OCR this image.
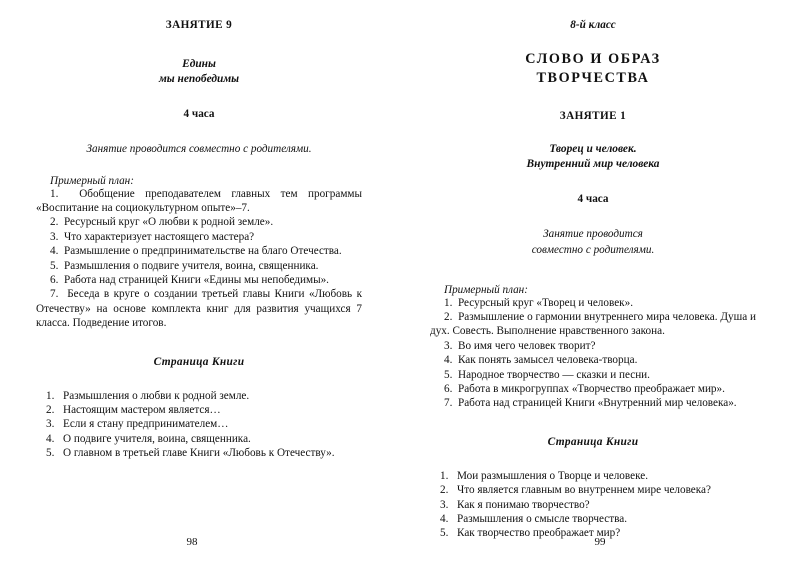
ЗАНЯТИЕ 9

Едины

мы непобедимы

4 часа

Занятие проводится совместно с родителями.

Примерный план:

1. Обобщение преподавателем главных тем программы «Воспитание на социокультурном опыте»–7.
2. Ресурсный круг «О любви к родной земле».
3. Что характеризует настоящего мастера?
4. Размышление о предпринимательстве на благо Отечества.
5. Размышления о подвиге учителя, воина, священника.
6. Работа над страницей Книги «Едины мы непобедимы».
7. Беседа в круге о создании третьей главы Книги «Любовь к Отечеству» на основе комплекта книг для развития учащихся 7 класса. Подведение итогов.

Страница Книги

1. Размышления о любви к родной земле.
2. Настоящим мастером является…
3. Если я стану предпринимателем…
4. О подвиге учителя, воина, священника.
5. О главном в третьей главе Книги «Любовь к Отечеству».

98

8-й класс

СЛОВО И ОБРАЗ

ТВОРЧЕСТВА

ЗАНЯТИЕ 1

Творец и человек.

Внутренний мир человека

4 часа

Занятие проводится

совместно с родителями.

Примерный план:

1. Ресурсный круг «Творец и человек».
2. Размышление о гармонии внутреннего мира человека. Душа и дух. Совесть. Выполнение нравственного закона.
3. Во имя чего человек творит?
4. Как понять замысел человека-творца.
5. Народное творчество — сказки и песни.
6. Работа в микрогруппах «Творчество преображает мир».
7. Работа над страницей Книги «Внутренний мир человека».

Страница Книги

1. Мои размышления о Творце и человеке.
2. Что является главным во внутреннем мире человека?
3. Как я понимаю творчество?
4. Размышления о смысле творчества.
5. Как творчество преображает мир?

99
